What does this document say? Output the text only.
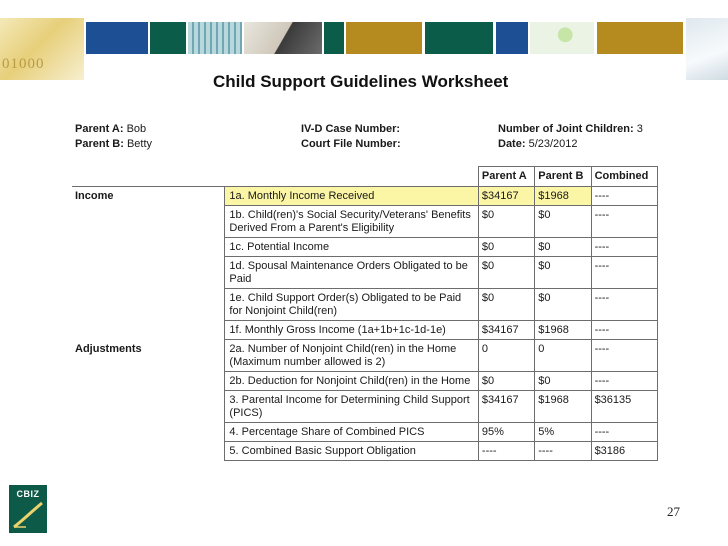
01000
Child Support Guidelines Worksheet
Parent A: Bob
Parent B: Betty
IV-D Case Number:
Court File Number:
Number of Joint Children: 3
Date: 5/23/2012
		Parent A	Parent B	Combined
Income	1a. Monthly Income Received	$34167	$1968	----
	1b. Child(ren)'s Social Security/Veterans' Benefits Derived From a Parent's Eligibility	$0	$0	----
	1c. Potential Income	$0	$0	----
	1d. Spousal Maintenance Orders Obligated to be Paid	$0	$0	----
	1e. Child Support Order(s) Obligated to be Paid for Nonjoint Child(ren)	$0	$0	----
	1f. Monthly Gross Income (1a+1b+1c-1d-1e)	$34167	$1968	----
Adjustments	2a. Number of Nonjoint Child(ren) in the Home (Maximum number allowed is 2)	0	0	----
	2b. Deduction for Nonjoint Child(ren) in the Home	$0	$0	----
	3. Parental Income for Determining Child Support (PICS)	$34167	$1968	$36135
	4. Percentage Share of Combined PICS	95%	5%	----
	5. Combined Basic Support Obligation	----	----	$3186
CBIZ
27
